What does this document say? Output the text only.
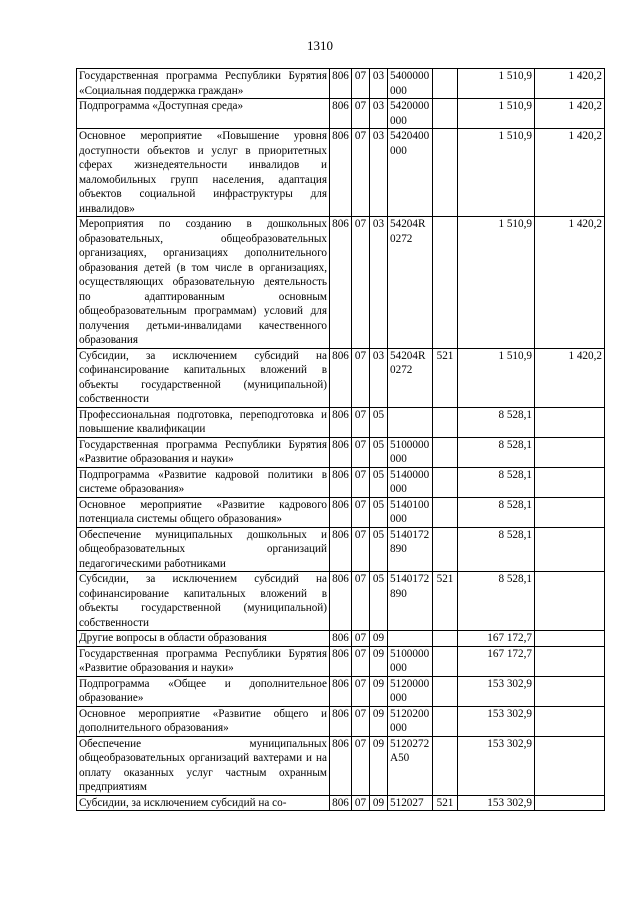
1310
Государственная программа Республики Бурятия «Социальная поддержка граждан»	806	07	03	5400000000		1 510,9	1 420,2
Подпрограмма «Доступная среда»	806	07	03	5420000000		1 510,9	1 420,2
Основное мероприятие «Повышение уровня доступности объектов и услуг в приоритетных сферах жизнедеятельности инвалидов и маломобильных групп населения, адаптация объектов социальной инфраструктуры для инвалидов»	806	07	03	5420400000		1 510,9	1 420,2
Мероприятия по созданию в дошкольных образовательных, общеобразовательных организациях, организациях дополнительного образования детей (в том числе в организациях, осуществляющих образовательную деятельность по адаптированным основным общеобразовательным программам) условий для получения детьми-инвалидами качественного образования	806	07	03	54204R0272		1 510,9	1 420,2
Субсидии, за исключением субсидий на софинансирование капитальных вложений в объекты государственной (муниципальной) собственности	806	07	03	54204R0272	521	1 510,9	1 420,2
Профессиональная подготовка, переподготовка и повышение квалификации	806	07	05			8 528,1	
Государственная программа Республики Бурятия «Развитие образования и науки»	806	07	05	5100000000		8 528,1	
Подпрограмма «Развитие кадровой политики в системе образования»	806	07	05	5140000000		8 528,1	
Основное мероприятие «Развитие кадрового потенциала системы общего образования»	806	07	05	5140100000		8 528,1	
Обеспечение муниципальных дошкольных и общеобразовательных организаций педагогическими работниками	806	07	05	5140172890		8 528,1	
Субсидии, за исключением субсидий на софинансирование капитальных вложений в объекты государственной (муниципальной) собственности	806	07	05	5140172890	521	8 528,1	
Другие вопросы в области образования	806	07	09			167 172,7	
Государственная программа Республики Бурятия «Развитие образования и науки»	806	07	09	5100000000		167 172,7	
Подпрограмма «Общее и дополнительное образование»	806	07	09	5120000000		153 302,9	
Основное мероприятие «Развитие общего и дополнительного образования»	806	07	09	5120200000		153 302,9	
Обеспечение муниципальных общеобразовательных организаций вахтерами и на оплату оказанных услуг частным охранным предприятиям	806	07	09	5120272A50		153 302,9	
Субсидии, за исключением субсидий на со-	806	07	09	512027	521	153 302,9	
